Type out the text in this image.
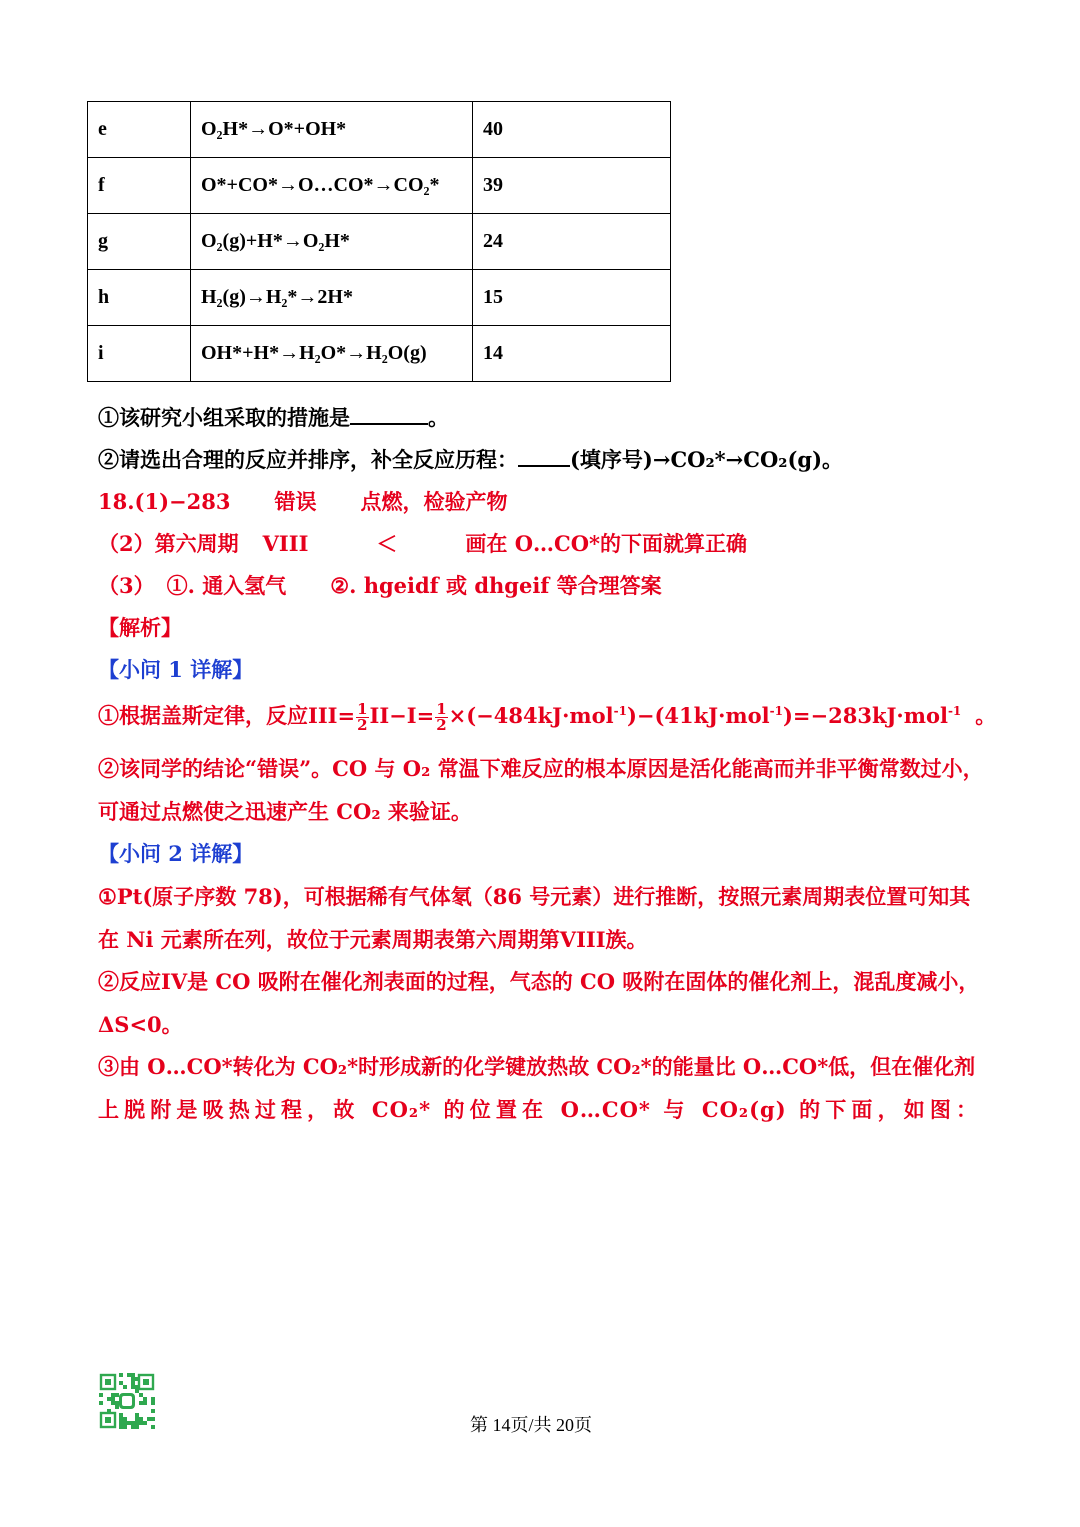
e	O₂H*→O*+OH*	40
f	O*+CO*→O…CO*→CO₂*	39
g	O₂(g)+H*→O₂H*	24
h	H₂(g)→H₂*→2H*	15
i	OH*+H*→H₂O*→H₂O(g)	14
①该研究小组采取的措施是	。
②请选出合理的反应并排序，补全反应历程： (填序号)→CO₂*→CO₂(g)。
18.(1)−283 错误 点燃，检验产物
（2）第六周期 VIII	＜	画在 O…CO*的下面就算正确
（3） ①. 通入氢气 ②. hgeidf 或 dhgeif 等合理答案
【解析】
【小问 1 详解】
①根据盖斯定律，反应$III= \frac{1}{2} II-I= \frac{1}{2} \times(-484kJ\cdot mol^{-1})-(41kJ\cdot mol^{-1})=-283kJ\cdot mol^{-1}$ 。
②该同学的结论“错误”。CO 与 O₂ 常温下难反应的根本原因是活化能高而并非平衡常数过小，
可通过点燃使之迅速产生 CO₂ 来验证。
【小问 2 详解】
①Pt(原子序数 78)，可根据稀有气体氡（86 号元素）进行推断，按照元素周期表位置可知其
在 Ni 元素所在列，故位于元素周期表第六周期第VIII族。
②反应IV是 CO 吸附在催化剂表面的过程，气态的 CO 吸附在固体的催化剂上，混乱度减小，
ΔS<0。
③由 O…CO*转化为 CO₂*时形成新的化学键放热故 CO₂*的能量比 O…CO*低，但在催化剂
上脱附是吸热过程，故 CO₂* 的位置在 O…CO* 与 CO₂(g) 的下面，如图：
第 14页/共 20页
